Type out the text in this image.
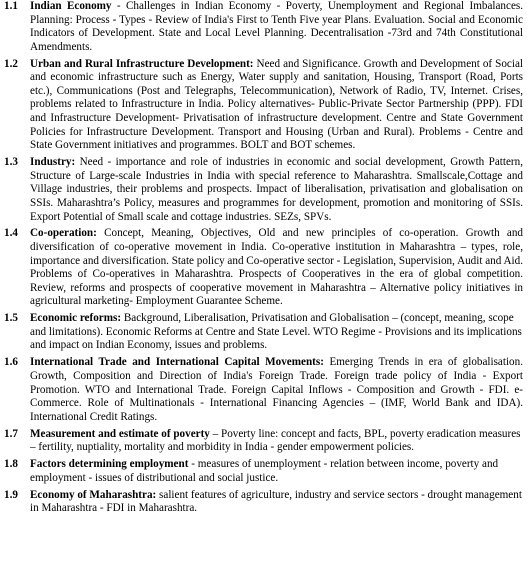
1.1	Indian Economy - Challenges in Indian Economy - Poverty, Unemployment and Regional Imbalances. Planning: Process - Types - Review of India's First to Tenth Five year Plans. Evaluation. Social and Economic Indicators of Development. State and Local Level Planning. Decentralisation -73rd and 74th Constitutional Amendments.
1.2	Urban and Rural Infrastructure Development: Need and Significance. Growth and Development of Social and economic infrastructure such as Energy, Water supply and sanitation, Housing, Transport (Road, Ports etc.), Communications (Post and Telegraphs, Telecommunication), Network of Radio, TV, Internet. Crises, problems related to Infrastructure in India. Policy alternatives- Public-Private Sector Partnership (PPP). FDI and Infrastructure Development- Privatisation of infrastructure development. Centre and State Government Policies for Infrastructure Development. Transport and Housing (Urban and Rural). Problems - Centre and State Government initiatives and programmes. BOLT and BOT schemes.
1.3	Industry: Need - importance and role of industries in economic and social development, Growth Pattern, Structure of Large-scale Industries in India with special reference to Maharashtra. Smallscale,Cottage and Village industries, their problems and prospects. Impact of liberalisation, privatisation and globalisation on SSIs. Maharashtra’s Policy, measures and programmes for development, promotion and monitoring of SSIs. Export Potential of Small scale and cottage industries. SEZs, SPVs.
1.4	Co-operation: Concept, Meaning, Objectives, Old and new principles of co-operation. Growth and diversification of co-operative movement in India. Co-operative institution in Maharashtra – types, role, importance and diversification. State policy and Co-operative sector - Legislation, Supervision, Audit and Aid. Problems of Co-operatives in Maharashtra. Prospects of Cooperatives in the era of global competition. Review, reforms and prospects of cooperative movement in Maharashtra – Alternative policy initiatives in agricultural marketing- Employment Guarantee Scheme.
1.5	Economic reforms: Background, Liberalisation, Privatisation and Globalisation – (concept, meaning, scope and limitations). Economic Reforms at Centre and State Level. WTO Regime - Provisions and its implications and impact on Indian Economy, issues and problems.
1.6	International Trade and International Capital Movements: Emerging Trends in era of globalisation. Growth, Composition and Direction of India's Foreign Trade. Foreign trade policy of India - Export Promotion. WTO and International Trade. Foreign Capital Inflows - Composition and Growth - FDI. e-Commerce. Role of Multinationals - International Financing Agencies – (IMF, World Bank and IDA). International Credit Ratings.
1.7	Measurement and estimate of poverty – Poverty line: concept and facts, BPL, poverty eradication measures – fertility, nuptiality, mortality and morbidity in India - gender empowerment policies.
1.8	Factors determining employment - measures of unemployment - relation between income, poverty and employment - issues of distributional and social justice.
1.9	Economy of Maharashtra: salient features of agriculture, industry and service sectors - drought management in Maharashtra - FDI in Maharashtra.
